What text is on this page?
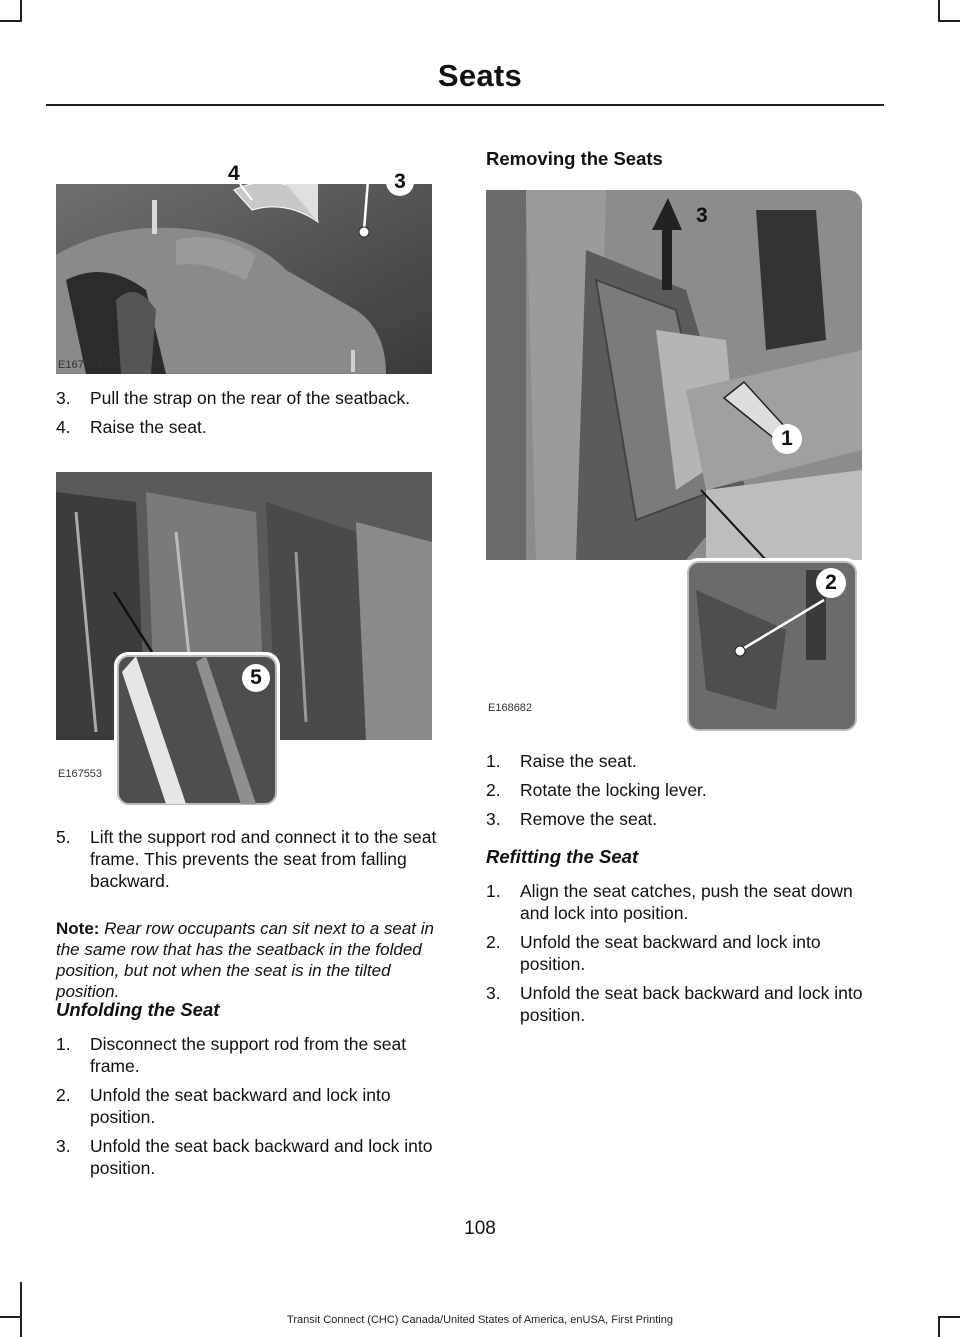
Seats
4	3
E167552
3. Pull the strap on the rear of the seatback.
4. Raise the seat.
5
E167553
5. Lift the support rod and connect it to the seat frame. This prevents the seat from falling backward.
Note: Rear row occupants can sit next to a seat in the same row that has the seatback in the folded position, but not when the seat is in the tilted position.
Unfolding the Seat
1. Disconnect the support rod from the seat frame.
2. Unfold the seat backward and lock into position.
3. Unfold the seat back backward and lock into position.
Removing the Seats
3
1
2
E168682
1. Raise the seat.
2. Rotate the locking lever.
3. Remove the seat.
Refitting the Seat
1. Align the seat catches, push the seat down and lock into position.
2. Unfold the seat backward and lock into position.
3. Unfold the seat back backward and lock into position.
108
Transit Connect (CHC) Canada/United States of America, enUSA, First Printing
